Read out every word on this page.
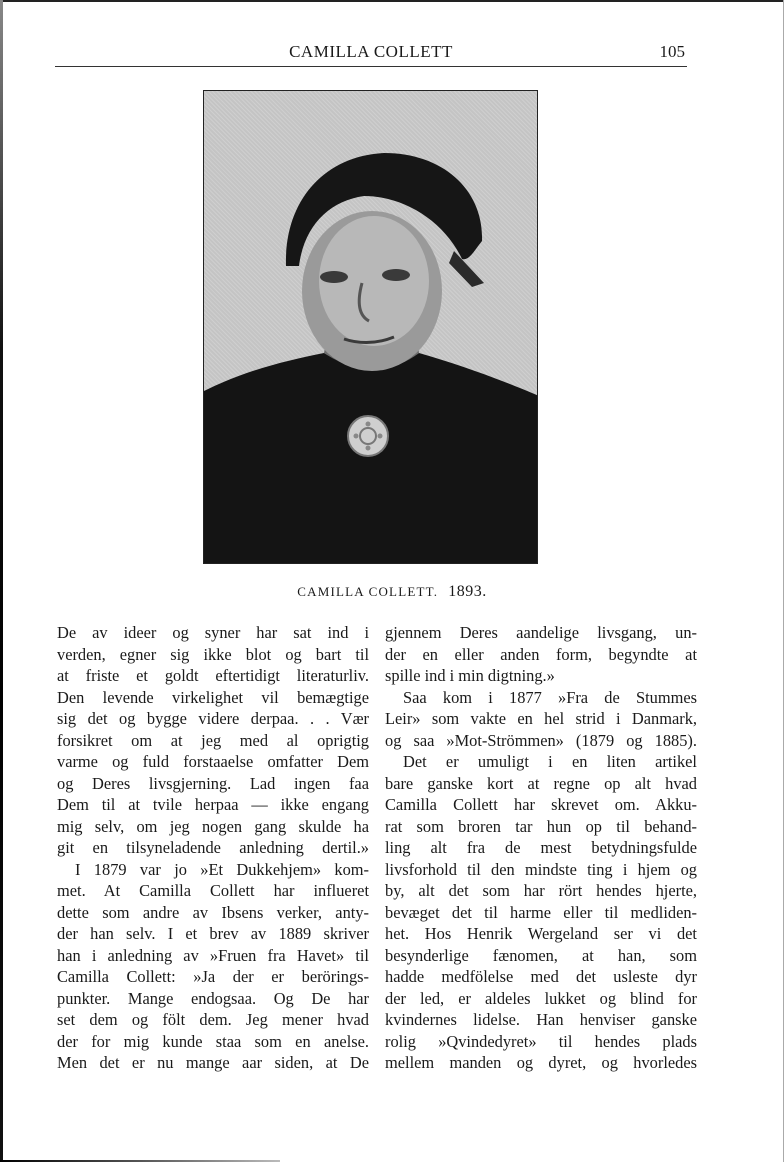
CAMILLA COLLETT	105
CAMILLA COLLETT. 1893.
De av ideer og syner har sat ind i
verden, egner sig ikke blot og bart til
at friste et goldt eftertidigt literaturliv.
Den levende virkelighet vil bemægtige
sig det og bygge videre derpaa. . . Vær
forsikret om at jeg med al oprigtig
varme og fuld forstaaelse omfatter Dem
og Deres livsgjerning. Lad ingen faa
Dem til at tvile herpaa — ikke engang
mig selv, om jeg nogen gang skulde ha
git en tilsyneladende anledning dertil.»
I 1879 var jo »Et Dukkehjem» kom-
met. At Camilla Collett har influeret
dette som andre av Ibsens verker, anty-
der han selv. I et brev av 1889 skriver
han i anledning av »Fruen fra Havet» til
Camilla Collett: »Ja der er berörings-
punkter. Mange endogsaa. Og De har
set dem og fölt dem. Jeg mener hvad
der for mig kunde staa som en anelse.
Men det er nu mange aar siden, at De
gjennem Deres aandelige livsgang, un-
der en eller anden form, begyndte at
spille ind i min digtning.»
Saa kom i 1877 »Fra de Stummes
Leir» som vakte en hel strid i Danmark,
og saa »Mot-Strömmen» (1879 og 1885).
Det er umuligt i en liten artikel
bare ganske kort at regne op alt hvad
Camilla Collett har skrevet om. Akku-
rat som broren tar hun op til behand-
ling alt fra de mest betydningsfulde
livsforhold til den mindste ting i hjem og
by, alt det som har rört hendes hjerte,
bevæget det til harme eller til medliden-
het. Hos Henrik Wergeland ser vi det
besynderlige fænomen, at han, som
hadde medfölelse med det usleste dyr
der led, er aldeles lukket og blind for
kvindernes lidelse. Han henviser ganske
rolig »Qvindedyret» til hendes plads
mellem manden og dyret, og hvorledes
